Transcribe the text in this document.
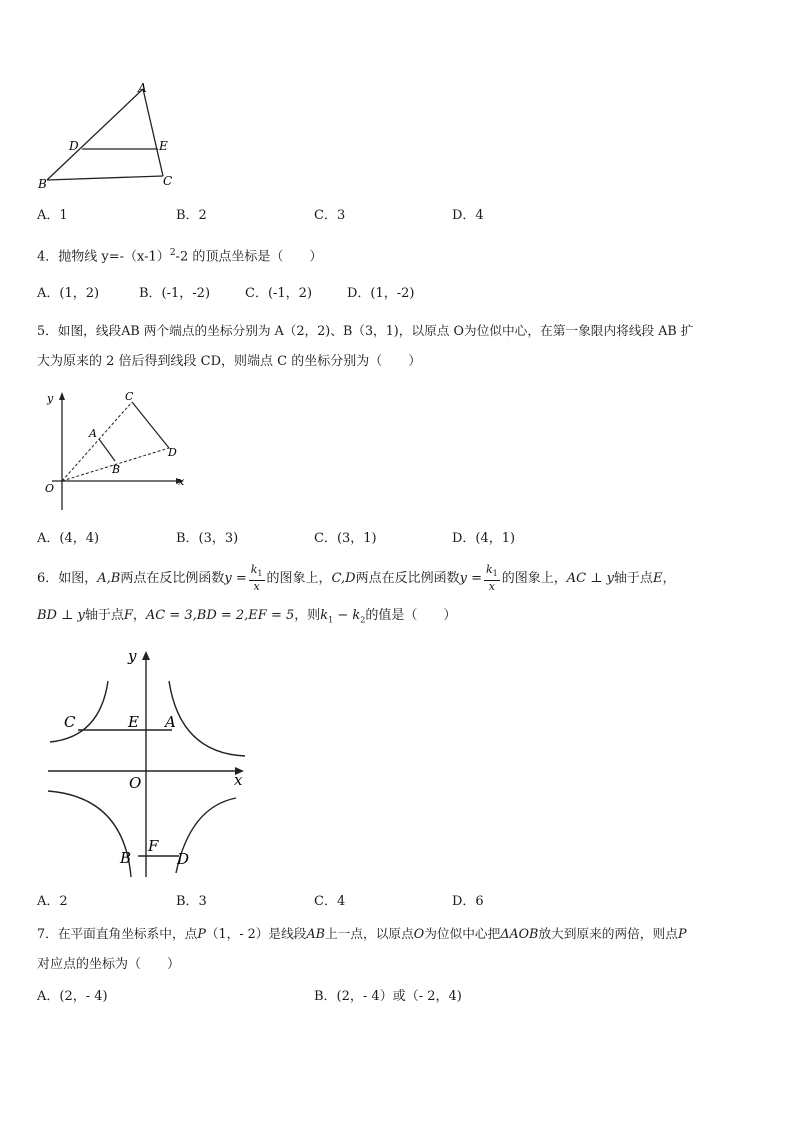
A
D	E
B	C
A．1	B．2	C．3	D．4
4．抛物线 $y=-(x-1)^2-2$ 的顶点坐标是（　　）
A．(1，2)	B．(-1，-2)	C．(-1，2)	D．(1，-2)
5．如图，线段AB 两个端点的坐标分别为 A（2，2)、B（3，1)，以原点 O为位似中心，在第一象限内将线段 AB 扩
大为原来的 2 倍后得到线段 CD，则端点 C 的坐标分别为（　　）
y	C
A
D
B
O
x
A．(4，4)	B．(3，3)	C．(3，1)	D．(4，1)
6．如图，A,B两点在反比例函数$y = \frac{k_1}{x}$ 的图象上，C,D两点在反比例函数$y = \frac{k_1}{x}$ 的图象上，AC ⊥ y轴于点E，
BD ⊥ y轴于点F，AC = 3,BD = 2,EF = 5，则$k_1 - k_2$的值是（　　）
y
C	E A
O	x
F
B	D
A．2	B．3	C．4	D．6
7．在平面直角坐标系中，点P（1，- 2）是线段AB上一点，以原点O为位似中心把ΔAOB放大到原来的两倍，则点P
对应点的坐标为（　　）
A．(2，- 4)	B．(2，- 4）或（- 2，4)
